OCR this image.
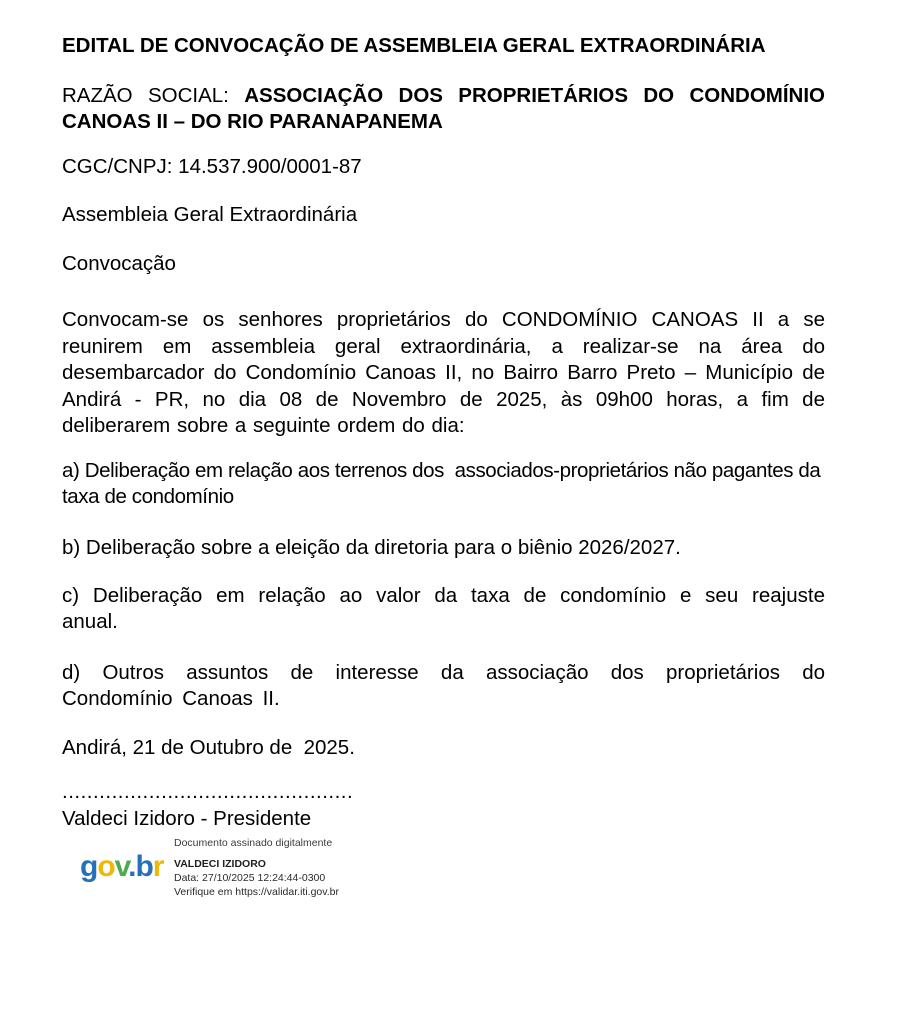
EDITAL DE CONVOCAÇÃO DE ASSEMBLEIA GERAL EXTRAORDINÁRIA

RAZÃO SOCIAL: ASSOCIAÇÃO DOS PROPRIETÁRIOS DO CONDOMÍNIO CANOAS II – DO RIO PARANAPANEMA

CGC/CNPJ: 14.537.900/0001-87

Assembleia Geral Extraordinária

Convocação

Convocam-se os senhores proprietários do CONDOMÍNIO CANOAS II a se reunirem em assembleia geral extraordinária, a realizar-se na área do desembarcador do Condomínio Canoas II, no Bairro Barro Preto – Município de Andirá - PR, no dia 08 de Novembro de 2025, às 09h00 horas, a fim de deliberarem sobre a seguinte ordem do dia:

a) Deliberação em relação aos terrenos dos  associados-proprietários não pagantes da taxa de condomínio

b) Deliberação sobre a eleição da diretoria para o biênio 2026/2027.

c) Deliberação em relação ao valor da taxa de condomínio e seu reajuste anual.

d) Outros assuntos de interesse da associação dos proprietários do Condomínio Canoas II.

Andirá, 21 de Outubro de  2025.

...............................................

Valdeci Izidoro - Presidente

gov.br

Documento assinado digitalmente

VALDECI IZIDORO

Data: 27/10/2025 12:24:44-0300

Verifique em https://validar.iti.gov.br
